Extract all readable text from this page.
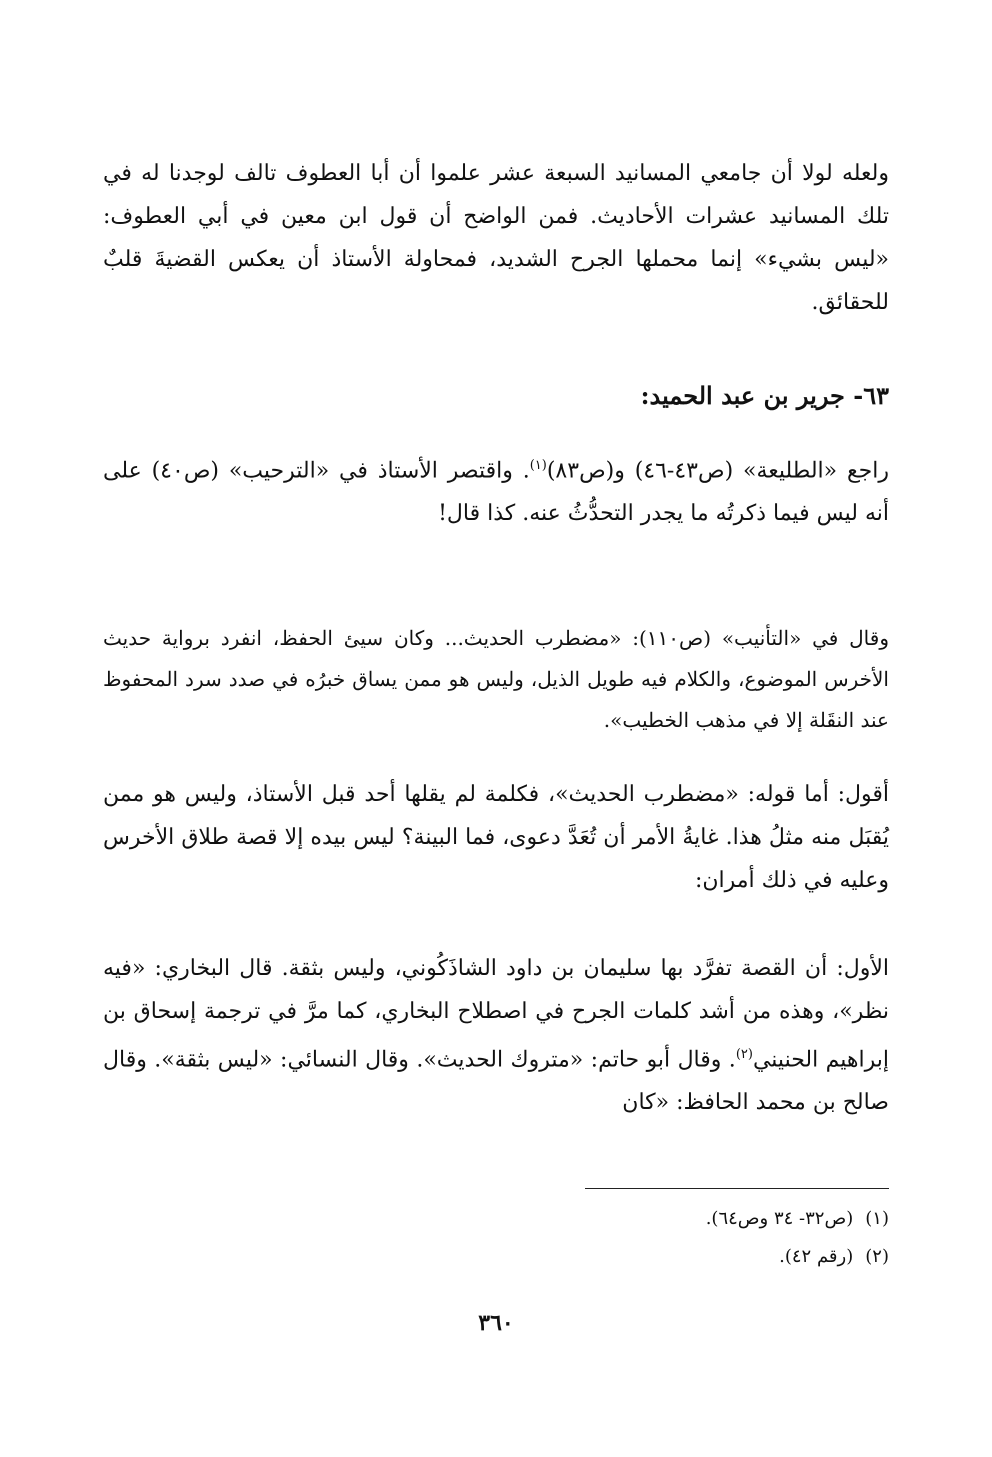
ولعله لولا أن جامعي المسانيد السبعة عشر علموا أن أبا العطوف تالف لوجدنا له في تلك المسانيد عشرات الأحاديث. فمن الواضح أن قول ابن معين في أبي العطوف: «ليس بشيء» إنما محملها الجرح الشديد، فمحاولة الأستاذ أن يعكس القضيةَ قلبٌ للحقائق.

٦٣- جرير بن عبد الحميد:

راجع «الطليعة» (ص٤٣-٤٦) و(ص٨٣)$^{(١)}$. واقتصر الأستاذ في «الترحيب» (ص٤٠) على أنه ليس فيما ذكرتُه ما يجدر التحدُّثُ عنه. كذا قال!

وقال في «التأنيب» (ص١١٠): «مضطرب الحديث... وكان سيئ الحفظ، انفرد برواية حديث الأخرس الموضوع، والكلام فيه طويل الذيل، وليس هو ممن يساق خبرُه في صدد سرد المحفوظ عند النقَلة إلا في مذهب الخطيب».

أقول: أما قوله: «مضطرب الحديث»، فكلمة لم يقلها أحد قبل الأستاذ، وليس هو ممن يُقبَل منه مثلُ هذا. غايةُ الأمر أن تُعَدَّ دعوى، فما البينة؟ ليس بيده إلا قصة طلاق الأخرس وعليه في ذلك أمران:

الأول: أن القصة تفرَّد بها سليمان بن داود الشاذَكُوني، وليس بثقة. قال البخاري: «فيه نظر»، وهذه من أشد كلمات الجرح في اصطلاح البخاري، كما مرَّ في ترجمة إسحاق بن إبراهيم الحنيني$^{(٢)}$. وقال أبو حاتم: «متروك الحديث». وقال النسائي: «ليس بثقة». وقال صالح بن محمد الحافظ: «كان

(١)(ص٣٢- ٣٤ وص٦٤).
(٢)(رقم ٤٢).
٣٦٠
